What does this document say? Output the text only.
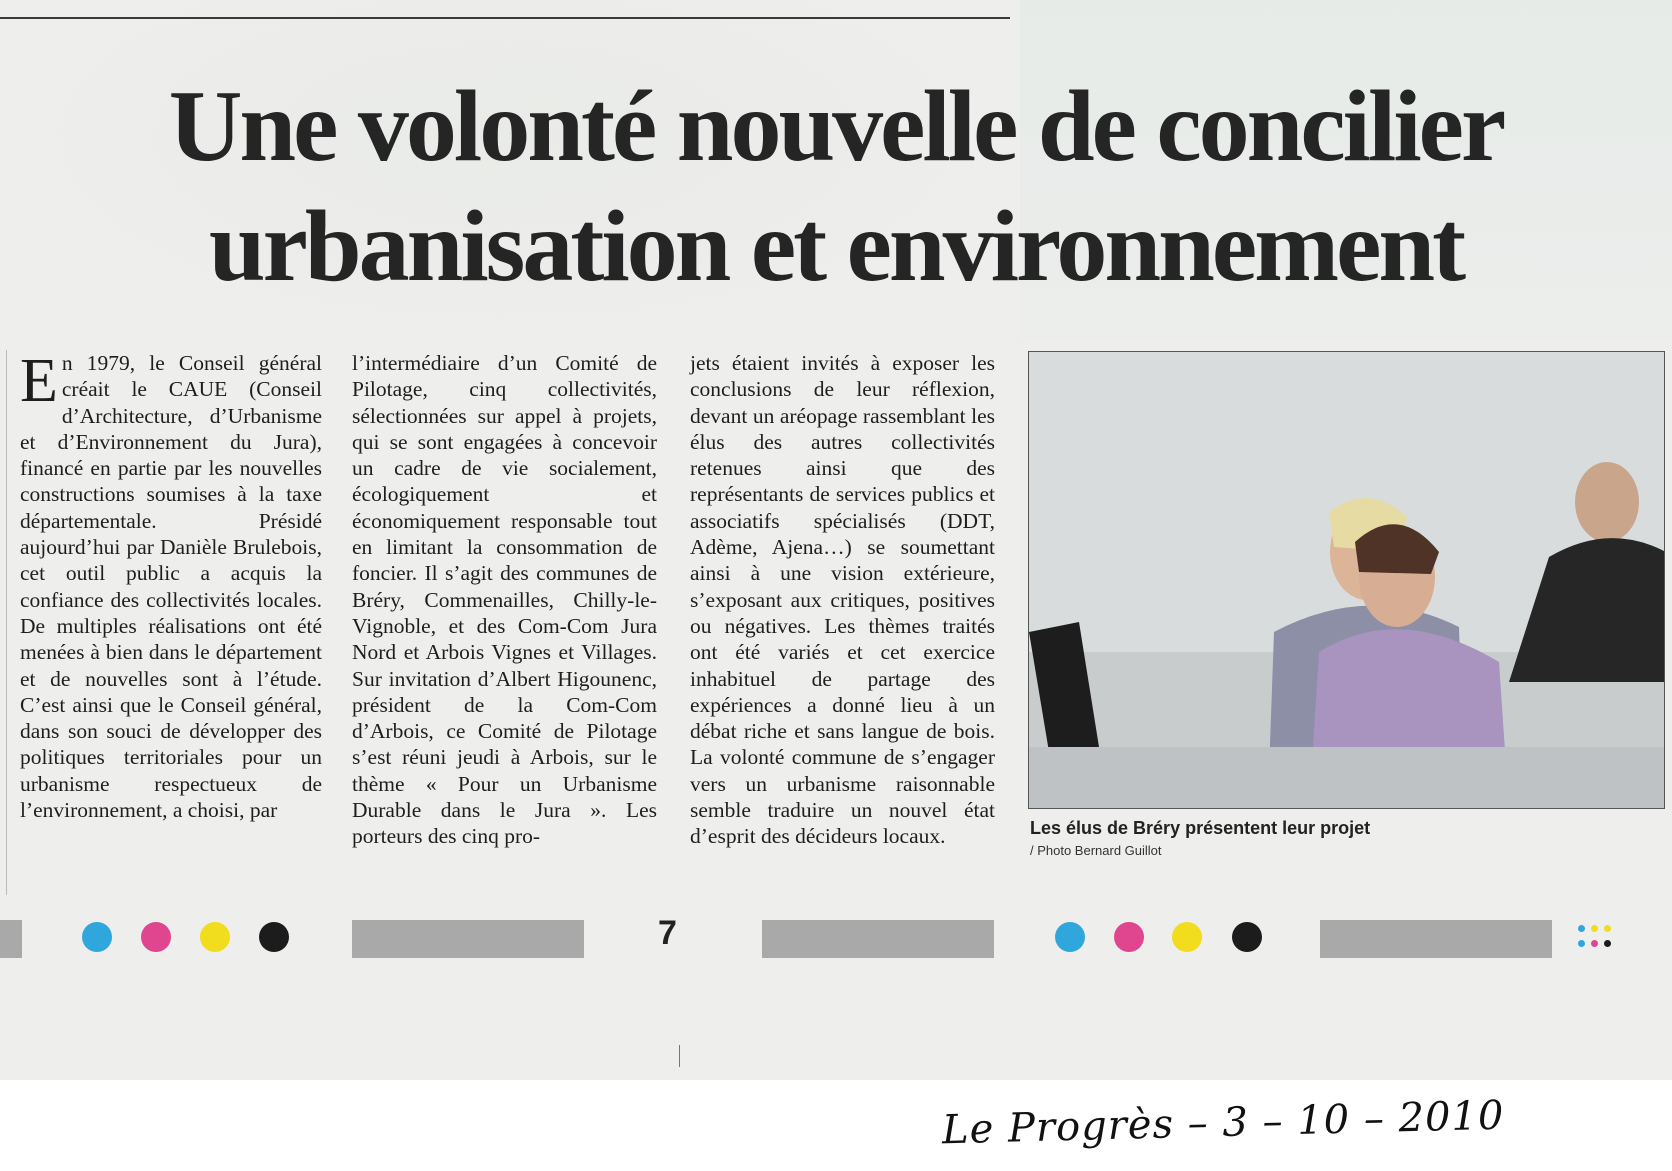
Une volonté nouvelle de concilier
urbanisation et environnement

En 1979, le Conseil général créait le CAUE (Conseil d’Architecture, d’Urbanisme et d’Environnement du Jura), financé en partie par les nouvelles constructions soumises à la taxe départementale. Présidé aujourd’hui par Danièle Brulebois, cet outil public a acquis la confiance des collectivités locales. De multiples réalisations ont été menées à bien dans le département et de nouvelles sont à l’étude. C’est ainsi que le Conseil général, dans son souci de développer des politiques territoriales pour un urbanisme respectueux de l’environnement, a choisi, par

l’intermédiaire d’un Comité de Pilotage, cinq collectivités, sélectionnées sur appel à projets, qui se sont engagées à concevoir un cadre de vie socialement, écologiquement et économiquement responsable tout en limitant la consommation de foncier. Il s’agit des communes de Bréry, Commenailles, Chilly-le-Vignoble, et des Com-Com Jura Nord et Arbois Vignes et Villages. Sur invitation d’Albert Higounenc, président de la Com-Com d’Arbois, ce Comité de Pilotage s’est réuni jeudi à Arbois, sur le thème « Pour un Urbanisme Durable dans le Jura ». Les porteurs des cinq pro-

jets étaient invités à exposer les conclusions de leur réflexion, devant un aréopage rassemblant les élus des autres collectivités retenues ainsi que des représentants de services publics et associatifs spécialisés (DDT, Adème, Ajena…) se soumettant ainsi à une vision extérieure, s’exposant aux critiques, positives ou négatives. Les thèmes traités ont été variés et cet exercice inhabituel de partage des expériences a donné lieu à un débat riche et sans langue de bois. La volonté commune de s’engager vers un urbanisme raisonnable semble traduire un nouvel état d’esprit des décideurs locaux.	Les élus de Bréry présentent leur projet

/ Photo Bernard Guillot

7

Le Progrès – 3 – 10 – 2010
